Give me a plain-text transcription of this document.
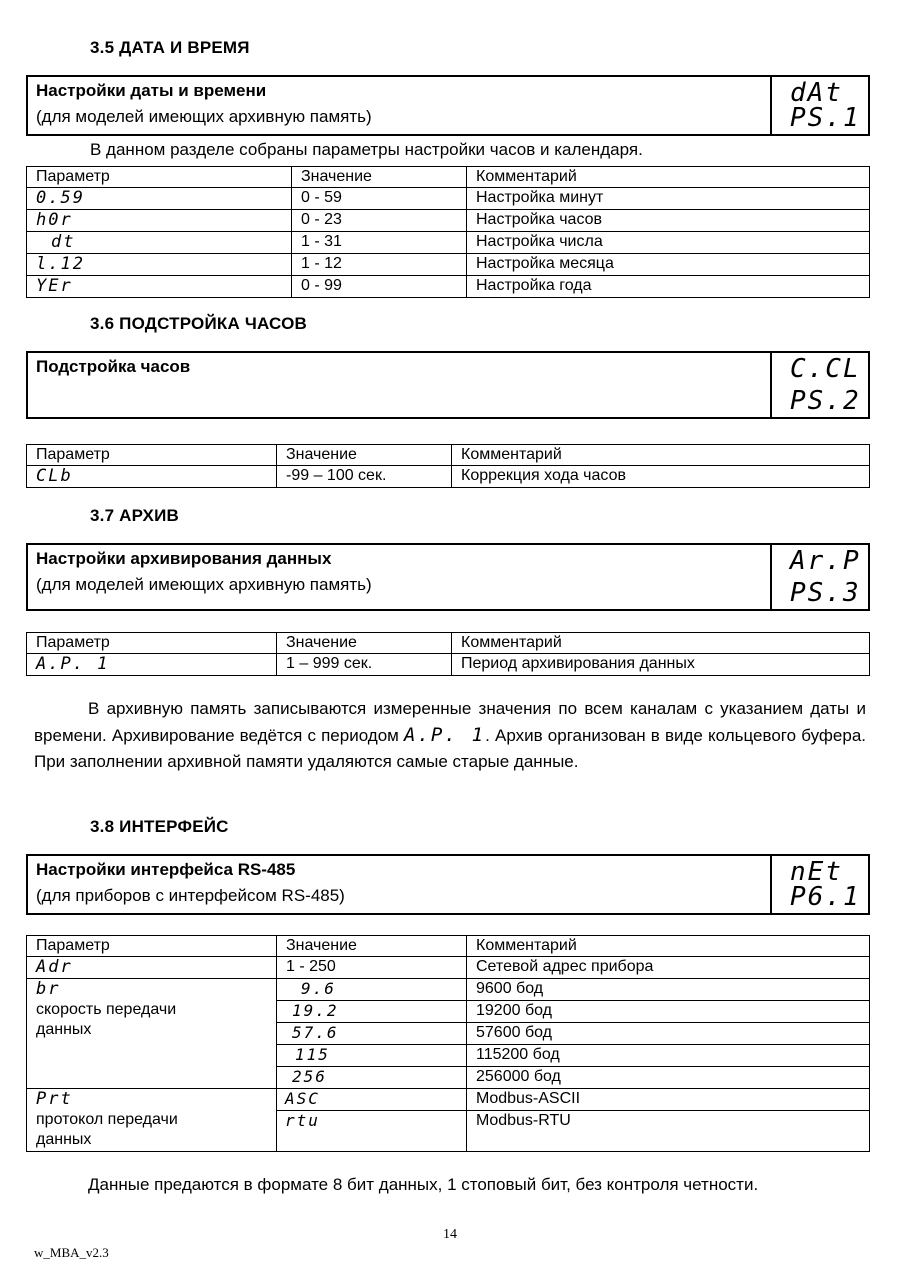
3.5 ДАТА И ВРЕМЯ
Настройки даты и времени
(для моделей имеющих архивную память)
dAt
PS.1
В данном разделе собраны параметры настройки часов и календаря.
Параметр	Значение	Комментарий
0.59	0 - 59	Настройка минут
h0r	0 - 23	Настройка часов
dt	1 - 31	Настройка числа
l.12	1 - 12	Настройка месяца
YEr	0 - 99	Настройка года
3.6 ПОДСТРОЙКА ЧАСОВ
Подстройка часов	C.CL
PS.2
Параметр	Значение	Комментарий
CLb	-99 – 100 сек.	Коррекция хода часов
3.7 АРХИВ
Настройки архивирования данных
(для моделей имеющих архивную память)
Ar.P
PS.3
Параметр	Значение	Комментарий
A.P. 1	1 – 999 сек.	Период архивирования данных
В архивную память записываются измеренные значения по всем каналам с указанием даты и времени. Архивирование ведётся с периодом A.P. 1. Архив организован в виде кольцевого буфера. При заполнении архивной памяти удаляются самые старые данные.
3.8 ИНТЕРФЕЙС
Настройки интерфейса RS-485
(для приборов с интерфейсом RS-485)
nEt
P6.1
Параметр	Значение	Комментарий
Adr	1 - 250	Сетевой адрес прибора
br
скорость передачи
данных	9.6	9600 бод
	19.2	19200 бод
	57.6	57600 бод
	115	115200 бод
	256	256000 бод
Prt
протокол передачи
данных	ASC	Modbus-ASCII
	rtu	Modbus-RTU
Данные предаются в формате 8 бит данных, 1 стоповый бит, без контроля четности.
14
w_MBA_v2.3
